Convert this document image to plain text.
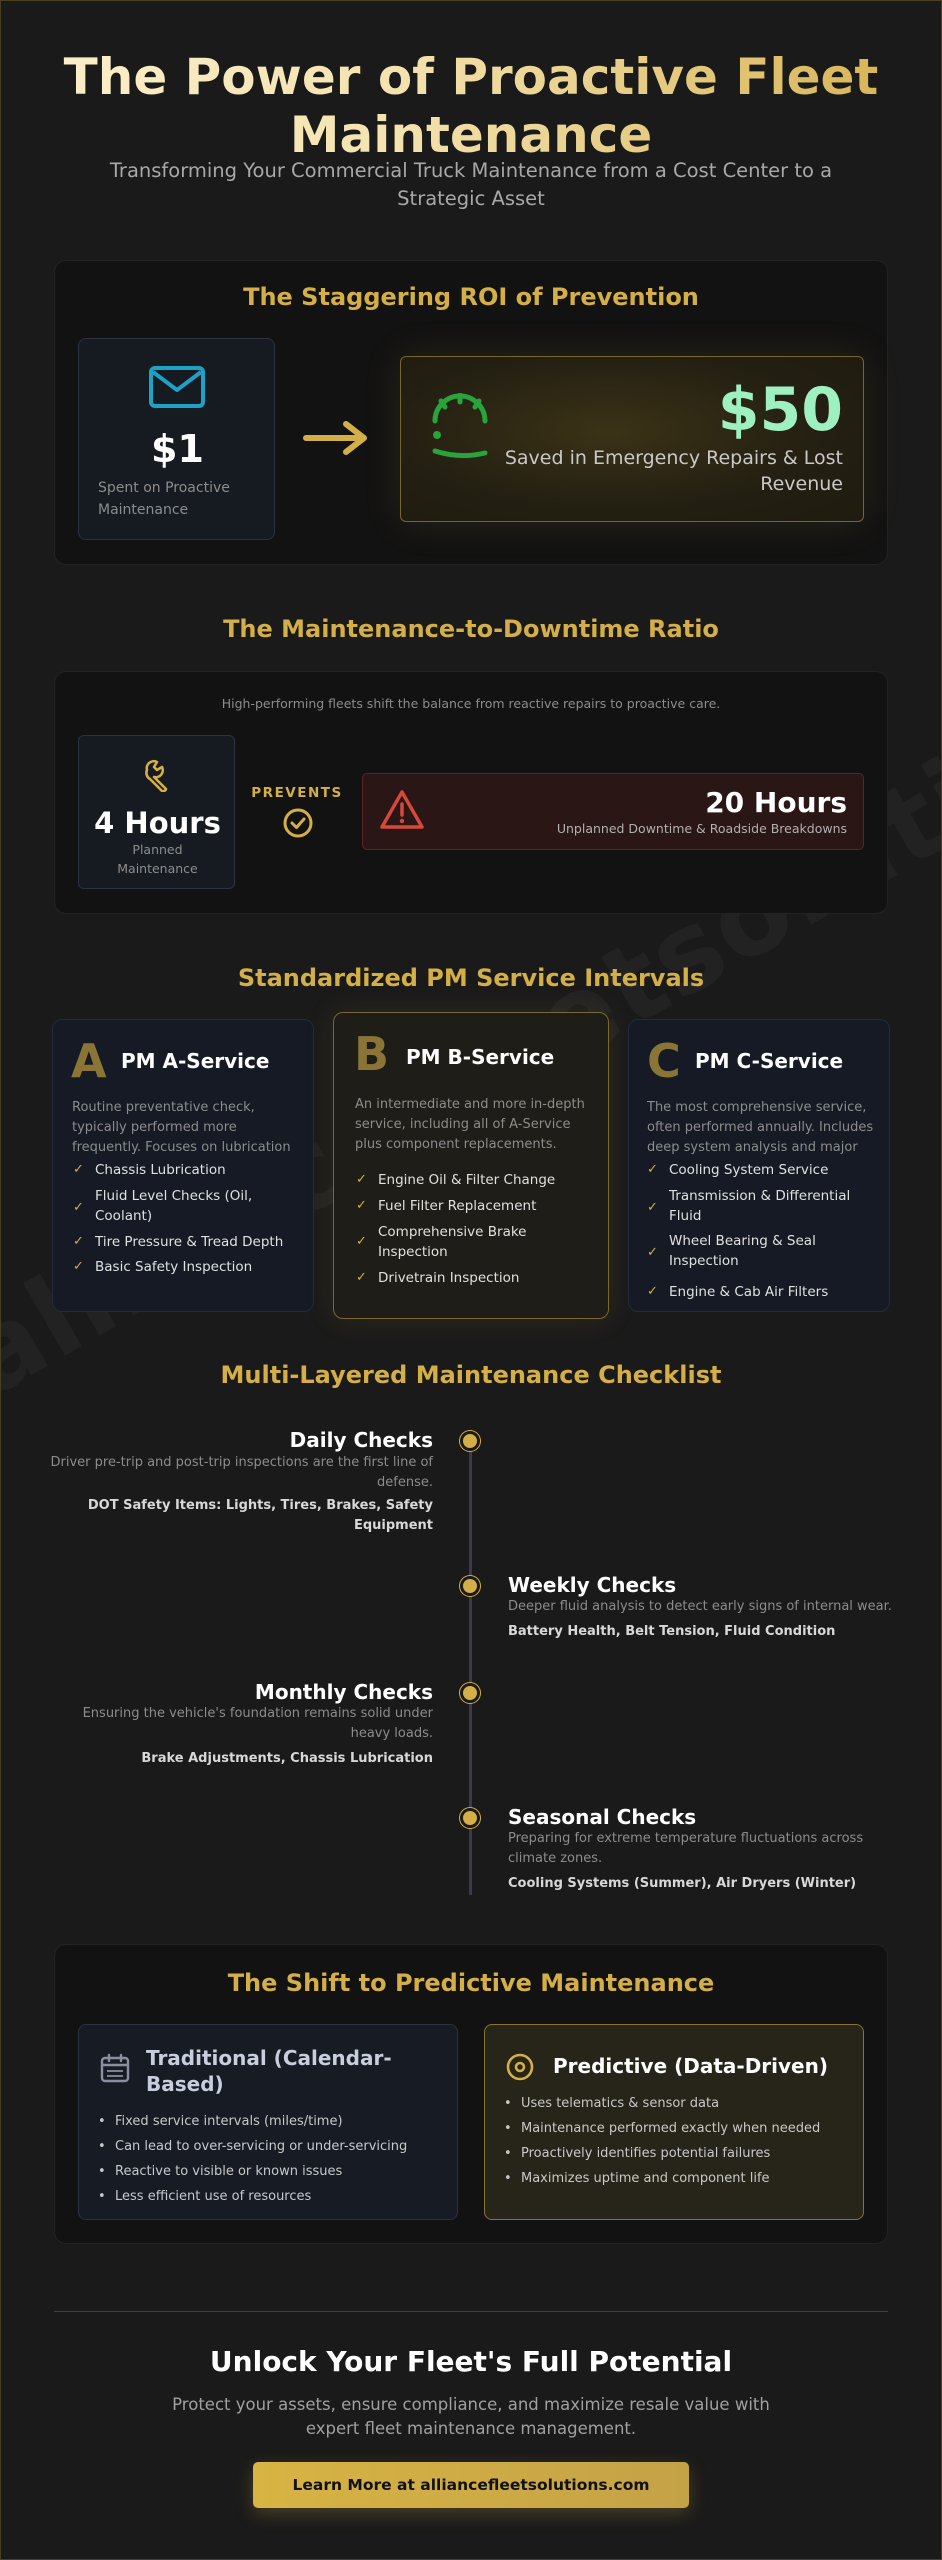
The Power of Proactive Fleet Maintenance

Transforming Your Commercial Truck Maintenance from a Cost Center to a Strategic Asset

The Staggering ROI of Prevention
$1
Spent on Proactive Maintenance
$50
Saved in Emergency Repairs & Lost Revenue
The Maintenance-to-Downtime Ratio
High-performing fleets shift the balance from reactive repairs to proactive care.
4 Hours
Planned Maintenance
PREVENTS	20 Hours
Unplanned Downtime & Roadside Breakdowns
Standardized PM Service Intervals
A PM A-Service
Routine preventative check, typically performed more frequently. Focuses on lubrication
✓ Chassis Lubrication
✓
Fluid Level Checks (Oil, Coolant)
✓ Tire Pressure & Tread Depth
✓ Basic Safety Inspection
B PM B-Service
An intermediate and more in-depth service, including all of A-Service plus component replacements.
✓ Engine Oil & Filter Change
✓ Fuel Filter Replacement
✓
Comprehensive Brake Inspection
✓ Drivetrain Inspection
C PM C-Service
The most comprehensive service, often performed annually. Includes deep system analysis and major
✓ Cooling System Service
✓
Transmission & Differential Fluid
✓
Wheel Bearing & Seal Inspection
✓ Engine & Cab Air Filters
Multi-Layered Maintenance Checklist
Daily Checks
Driver pre-trip and post-trip inspections are the first line of defense.
DOT Safety Items: Lights, Tires, Brakes, Safety Equipment
Weekly Checks
Deeper fluid analysis to detect early signs of internal wear.
Battery Health, Belt Tension, Fluid Condition
Monthly Checks
Ensuring the vehicle's foundation remains solid under heavy loads.
Brake Adjustments, Chassis Lubrication
Seasonal Checks
Preparing for extreme temperature fluctuations across climate zones.
Cooling Systems (Summer), Air Dryers (Winter)
The Shift to Predictive Maintenance
Traditional (Calendar-Based)
• Fixed service intervals (miles/time)
• Can lead to over-servicing or under-servicing
• Reactive to visible or known issues
• Less efficient use of resources
Predictive (Data-Driven)
• Uses telematics & sensor data
• Maintenance performed exactly when needed
• Proactively identifies potential failures
• Maximizes uptime and component life
Unlock Your Fleet's Full Potential
Protect your assets, ensure compliance, and maximize resale value with expert fleet maintenance management.
Learn More at alliancefleetsolutions.com
